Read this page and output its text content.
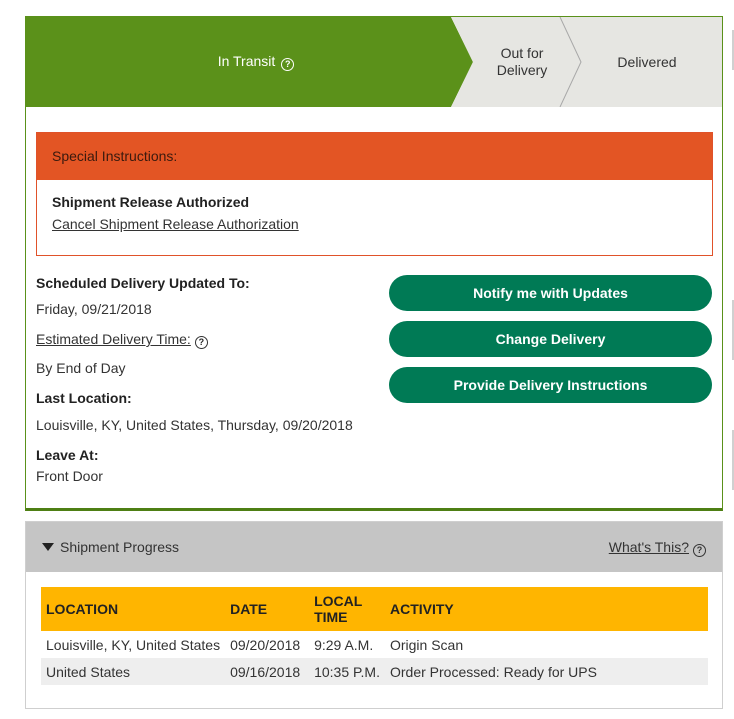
In Transit ?
Out for Delivery	Delivered
Special Instructions:
Shipment Release Authorized
Cancel Shipment Release Authorization
Scheduled Delivery Updated To:
Friday, 09/21/2018
Estimated Delivery Time: ?
By End of Day
Last Location:
Louisville, KY, United States, Thursday, 09/20/2018
Leave At:
Front Door
Notify me with Updates
Change Delivery
Provide Delivery Instructions
Shipment Progress	What's This? ?
LOCATION	DATE	LOCAL TIME	ACTIVITY
Louisville, KY, United States	09/20/2018	9:29 A.M.	Origin Scan
United States	09/16/2018	10:35 P.M.	Order Processed: Ready for UPS
